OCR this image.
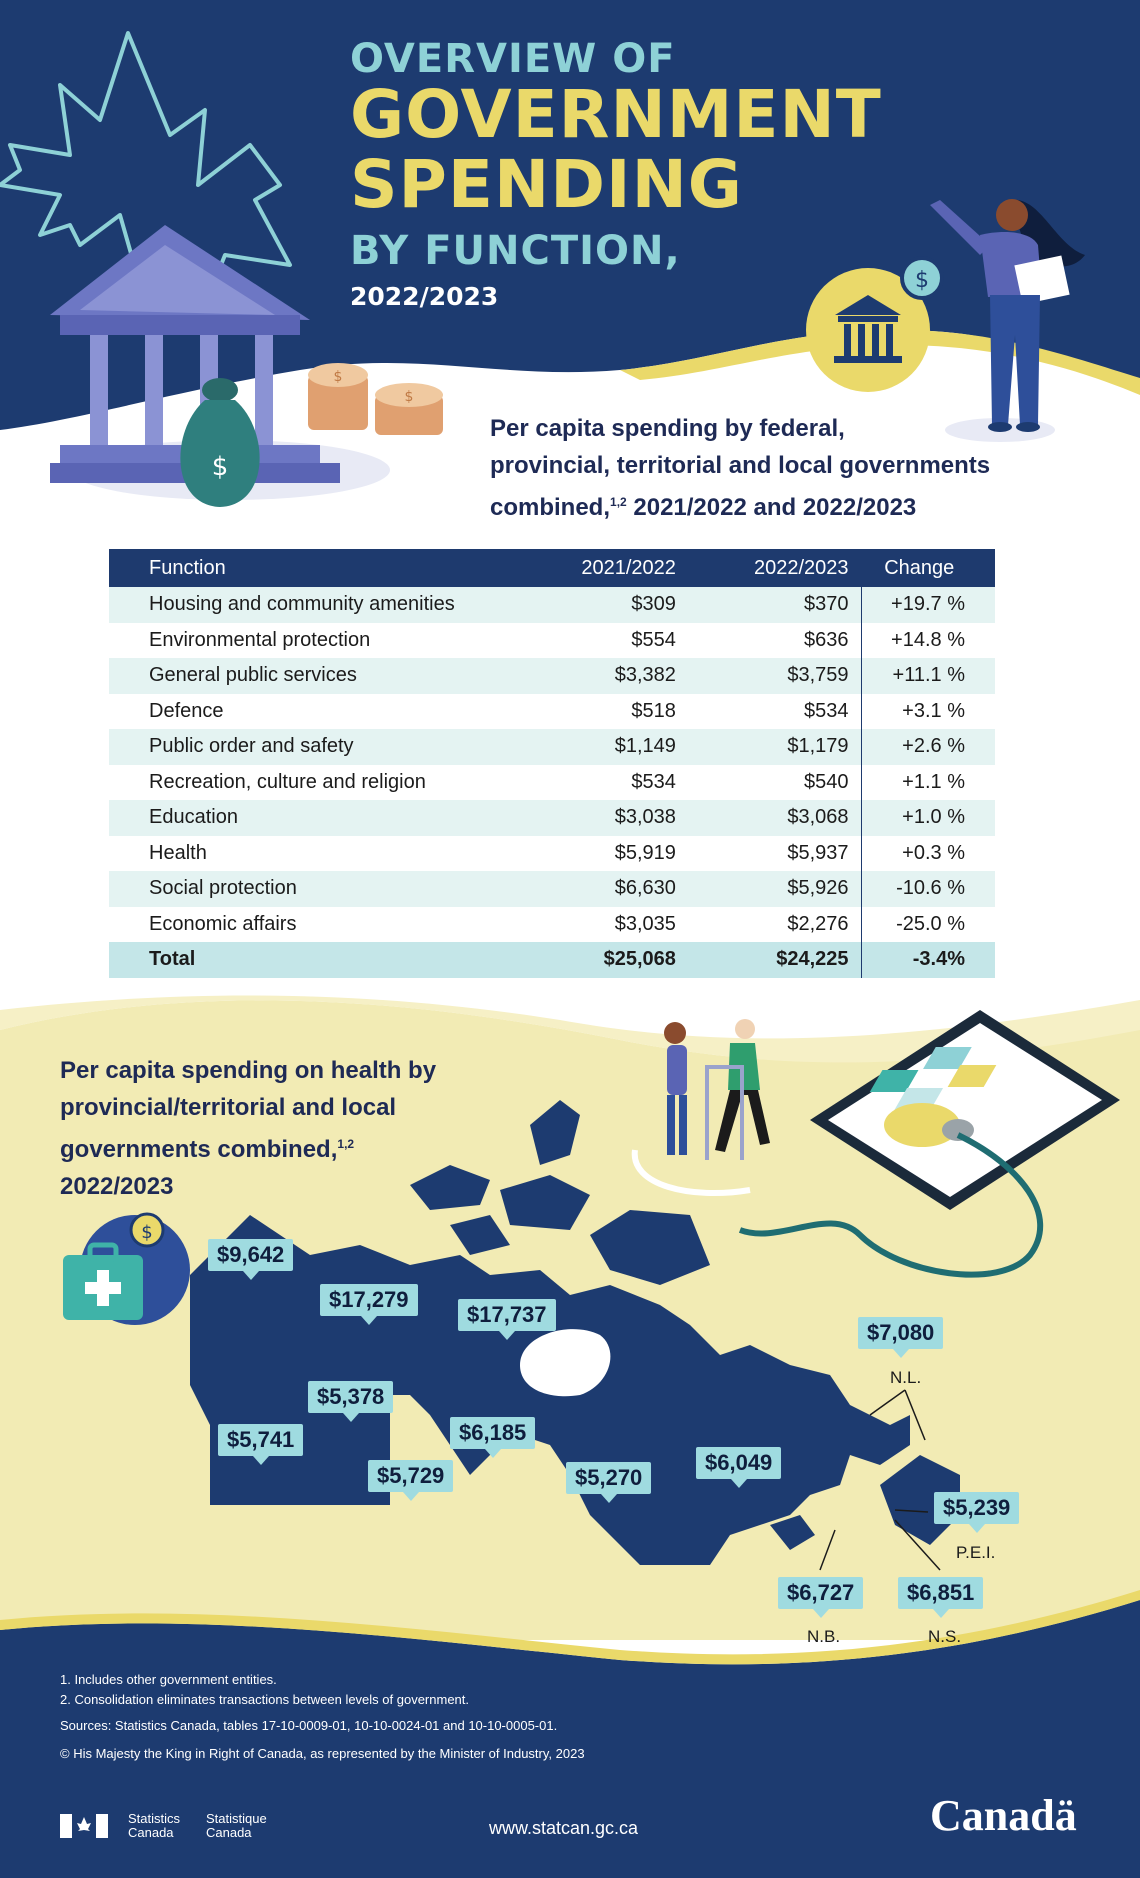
$
$
$
$
OVERVIEW OF
GOVERNMENT
SPENDING
BY FUNCTION,
2022/2023
Per capita spending by federal,
provincial, territorial and local governments
combined,$^{1,2}$ 2021/2022 and 2022/2023
Function	2021/2022	2022/2023	Change
Housing and community amenities	$309	$370	+19.7 %
Environmental protection	$554	$636	+14.8 %
General public services	$3,382	$3,759	+11.1 %
Defence	$518	$534	+3.1 %
Public order and safety	$1,149	$1,179	+2.6 %
Recreation, culture and religion	$534	$540	+1.1 %
Education	$3,038	$3,068	+1.0 %
Health	$5,919	$5,937	+0.3 %
Social protection	$6,630	$5,926	-10.6 %
Economic affairs	$3,035	$2,276	-25.0 %
Total	$25,068	$24,225	-3.4%
Per capita spending on health by
provincial/territorial and local
governments combined,$^{1,2}$
2022/2023
$
$9,642
$17,279
$17,737
$7,080
N.L.
$5,378
$5,741	$6,185
$5,729	$5,270
$6,049
$5,239
P.E.I.
$6,727
N.B.
$6,851
N.S.
1. Includes other government entities.
2. Consolidation eliminates transactions between levels of government.
Sources: Statistics Canada, tables 17-10-0009-01, 10-10-0024-01 and 10-10-0005-01.
© His Majesty the King in Right of Canada, as represented by the Minister of Industry, 2023
Statistics
Canada
Statistique
Canada	www.statcan.gc.ca	Canadä
